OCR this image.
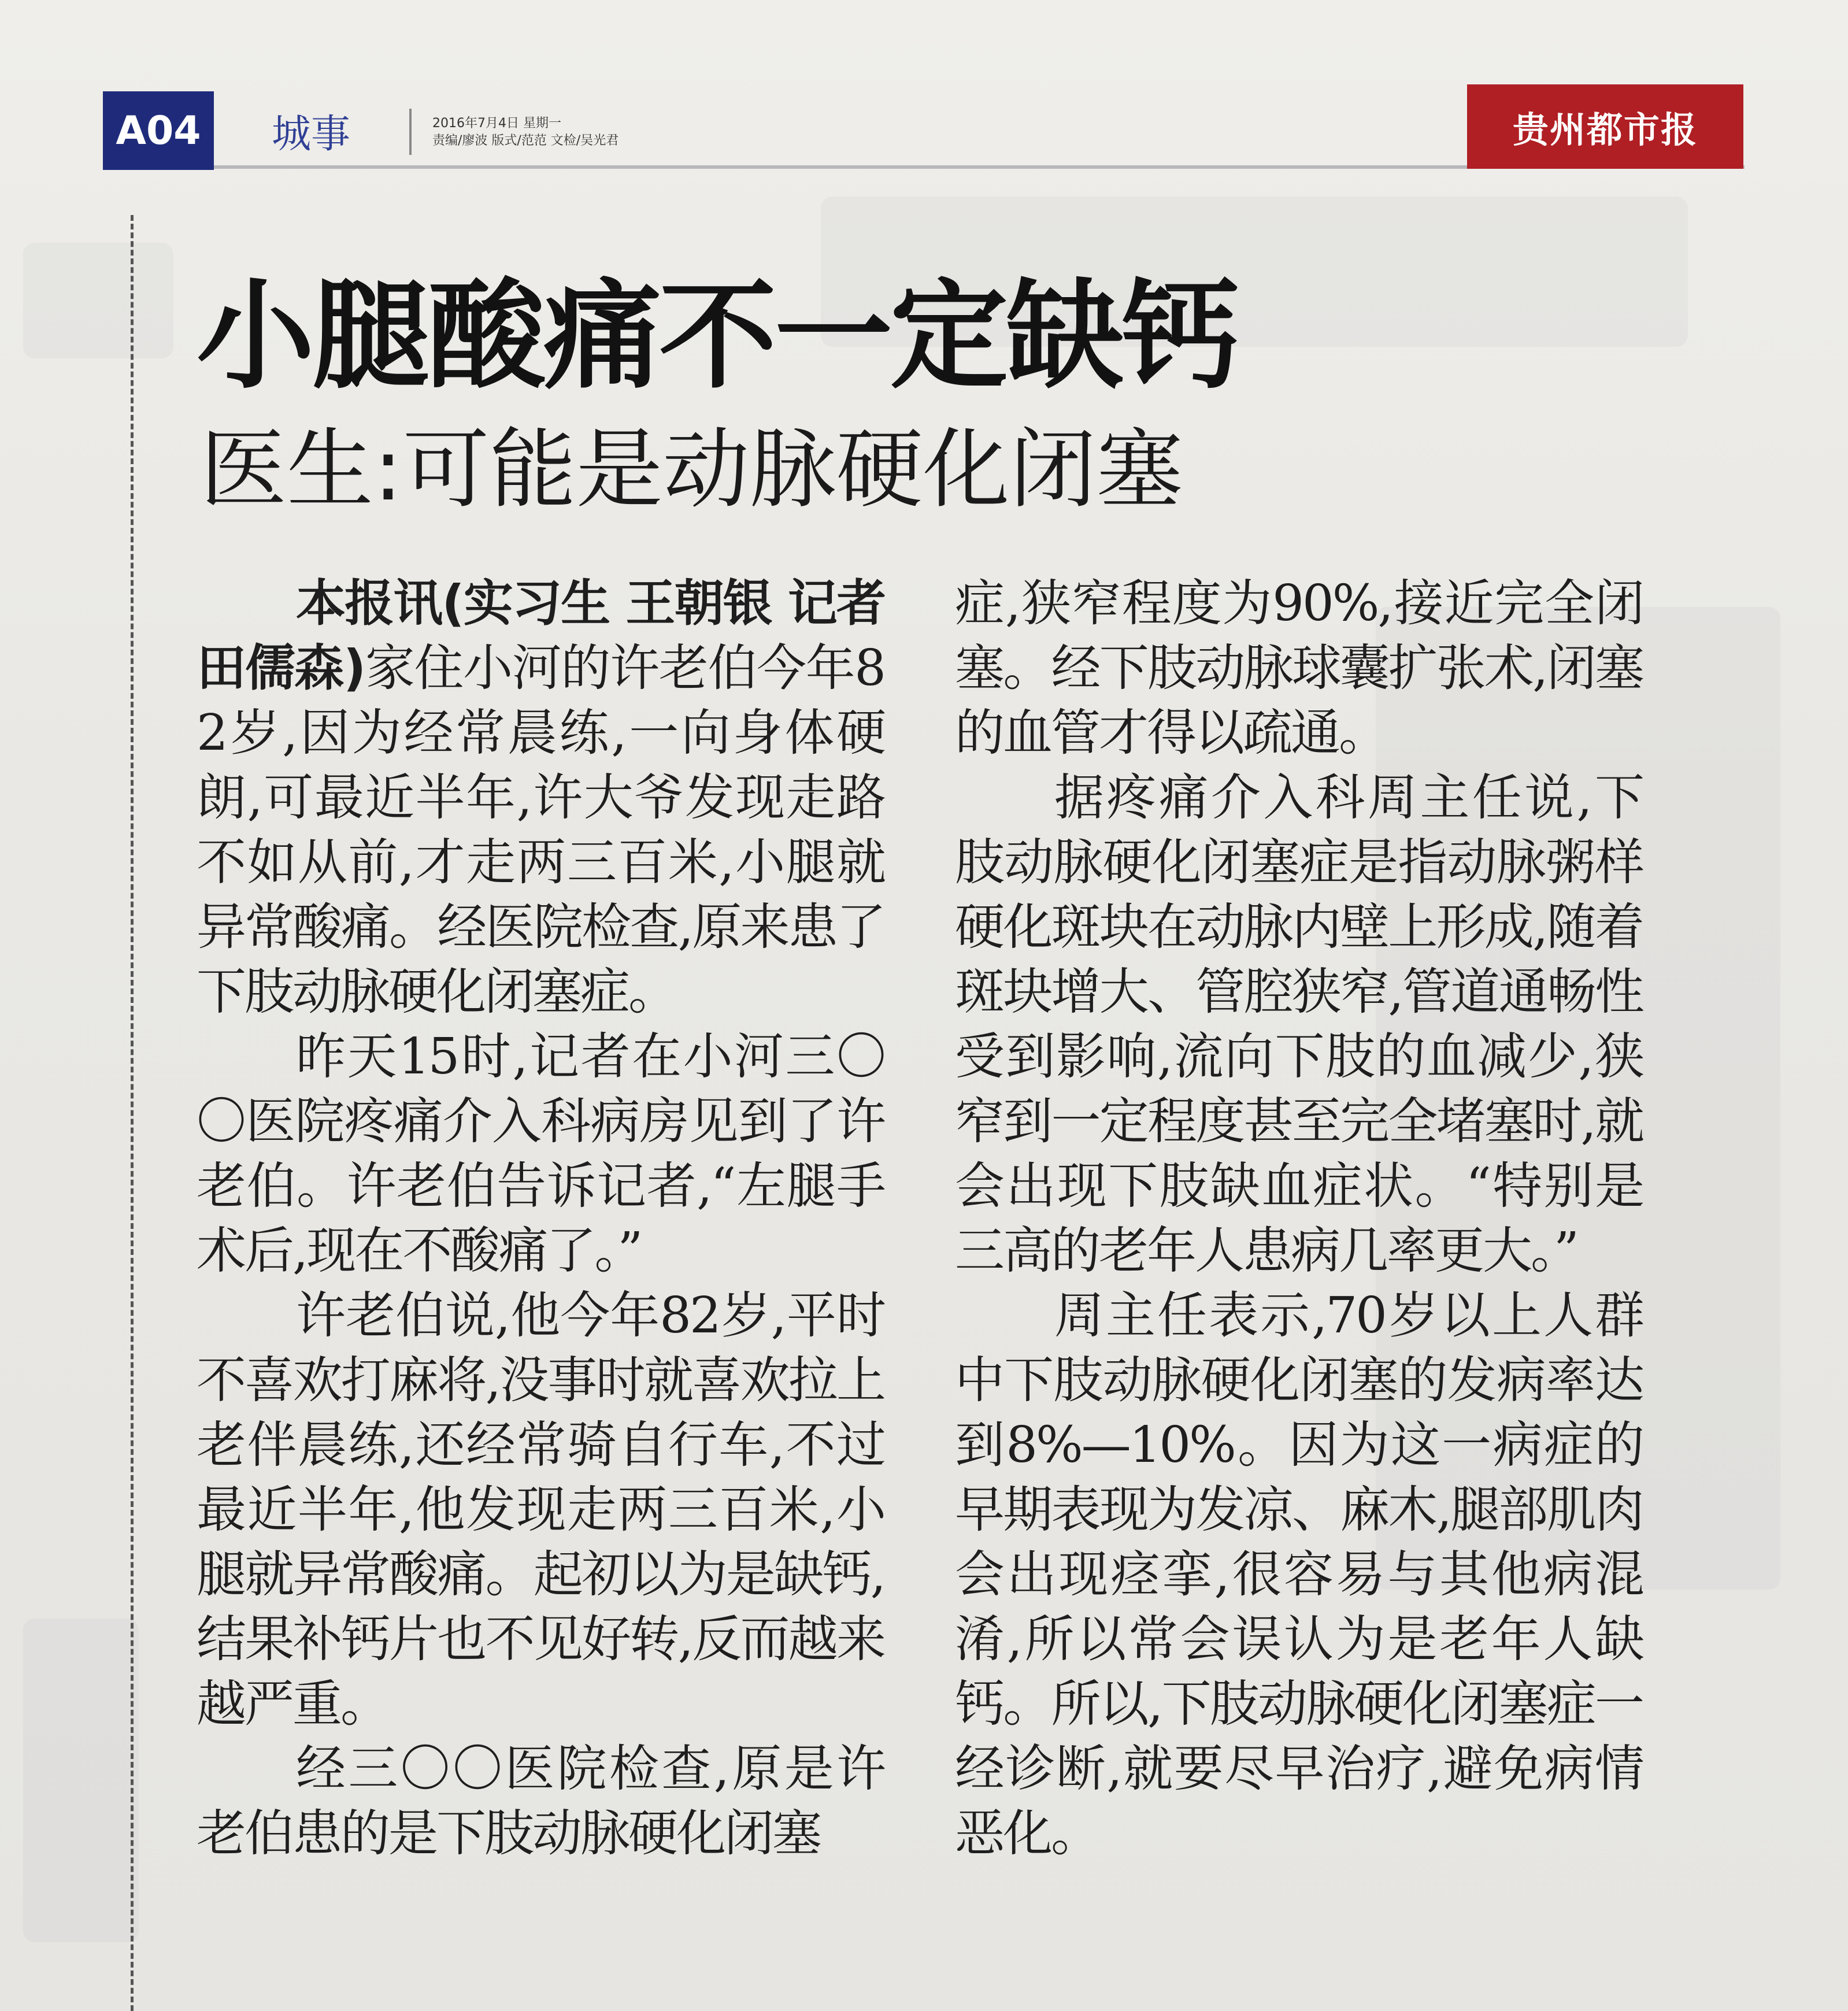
A04	城事	2016年7月4日 星期一
责编/廖波 版式/范范 文检/吴光君	贵州都市报
小腿酸痛不一定缺钙
医生:可能是动脉硬化闭塞

本报讯(实习生 王朝银 记者 田儒森)家住小河的许老伯今年82岁,因为经常晨练,一向身体硬朗,可最近半年,许大爷发现走路不如从前,才走两三百米,小腿就异常酸痛。经医院检查,原来患了下肢动脉硬化闭塞症。

昨天15时,记者在小河三〇〇医院疼痛介入科病房见到了许老伯。许老伯告诉记者,“左腿手术后,现在不酸痛了。”

许老伯说,他今年82岁,平时不喜欢打麻将,没事时就喜欢拉上老伴晨练,还经常骑自行车,不过最近半年,他发现走两三百米,小腿就异常酸痛。起初以为是缺钙,结果补钙片也不见好转,反而越来越严重。

经三〇〇医院检查,原是许老伯患的是下肢动脉硬化闭塞

症,狭窄程度为90%,接近完全闭塞。经下肢动脉球囊扩张术,闭塞的血管才得以疏通。

据疼痛介入科周主任说,下肢动脉硬化闭塞症是指动脉粥样硬化斑块在动脉内壁上形成,随着斑块增大、管腔狭窄,管道通畅性受到影响,流向下肢的血减少,狭窄到一定程度甚至完全堵塞时,就会出现下肢缺血症状。“特别是三高的老年人患病几率更大。”

周主任表示,70岁以上人群中下肢动脉硬化闭塞的发病率达到8%—10%。因为这一病症的早期表现为发凉、麻木,腿部肌肉会出现痉挛,很容易与其他病混淆,所以常会误认为是老年人缺钙。所以,下肢动脉硬化闭塞症一经诊断,就要尽早治疗,避免病情恶化。
